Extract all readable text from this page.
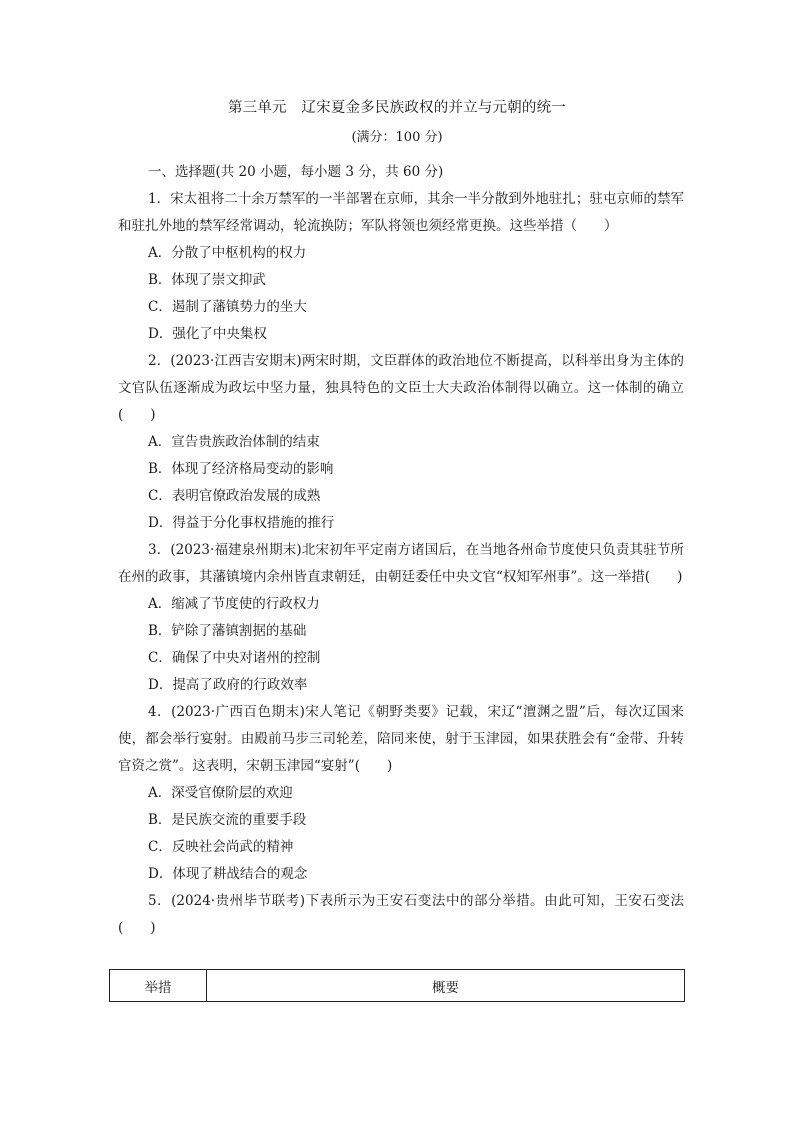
第三单元　辽宋夏金多民族政权的并立与元朝的统一
(满分：100 分)
一、选择题(共 20 小题，每小题 3 分，共 60 分)

1．宋太祖将二十余万禁军的一半部署在京师，其余一半分散到外地驻扎；驻屯京师的禁军和驻扎外地的禁军经常调动，轮流换防；军队将领也须经常更换。这些举措（　　）

A．分散了中枢机构的权力

B．体现了崇文抑武

C．遏制了藩镇势力的坐大

D．强化了中央集权

2．(2023·江西吉安期末)两宋时期，文臣群体的政治地位不断提高，以科举出身为主体的文官队伍逐渐成为政坛中坚力量，独具特色的文臣士大夫政治体制得以确立。这一体制的确立(　　)

A．宣告贵族政治体制的结束

B．体现了经济格局变动的影响

C．表明官僚政治发展的成熟

D．得益于分化事权措施的推行

3．(2023·福建泉州期末)北宋初年平定南方诸国后，在当地各州命节度使只负责其驻节所在州的政事，其藩镇境内余州皆直隶朝廷，由朝廷委任中央文官“权知军州事”。这一举措(　　)

A．缩减了节度使的行政权力

B．铲除了藩镇割据的基础

C．确保了中央对诸州的控制

D．提高了政府的行政效率

4．(2023·广西百色期末)宋人笔记《朝野类要》记载，宋辽“澶渊之盟”后，每次辽国来使，都会举行宴射。由殿前马步三司轮差，陪同来使，射于玉津园，如果获胜会有“金带、升转官资之赏”。这表明，宋朝玉津园“宴射”(　　)

A．深受官僚阶层的欢迎

B．是民族交流的重要手段

C．反映社会尚武的精神

D．体现了耕战结合的观念

5．(2024·贵州毕节联考)下表所示为王安石变法中的部分举措。由此可知，王安石变法(　　)

举措	概要
